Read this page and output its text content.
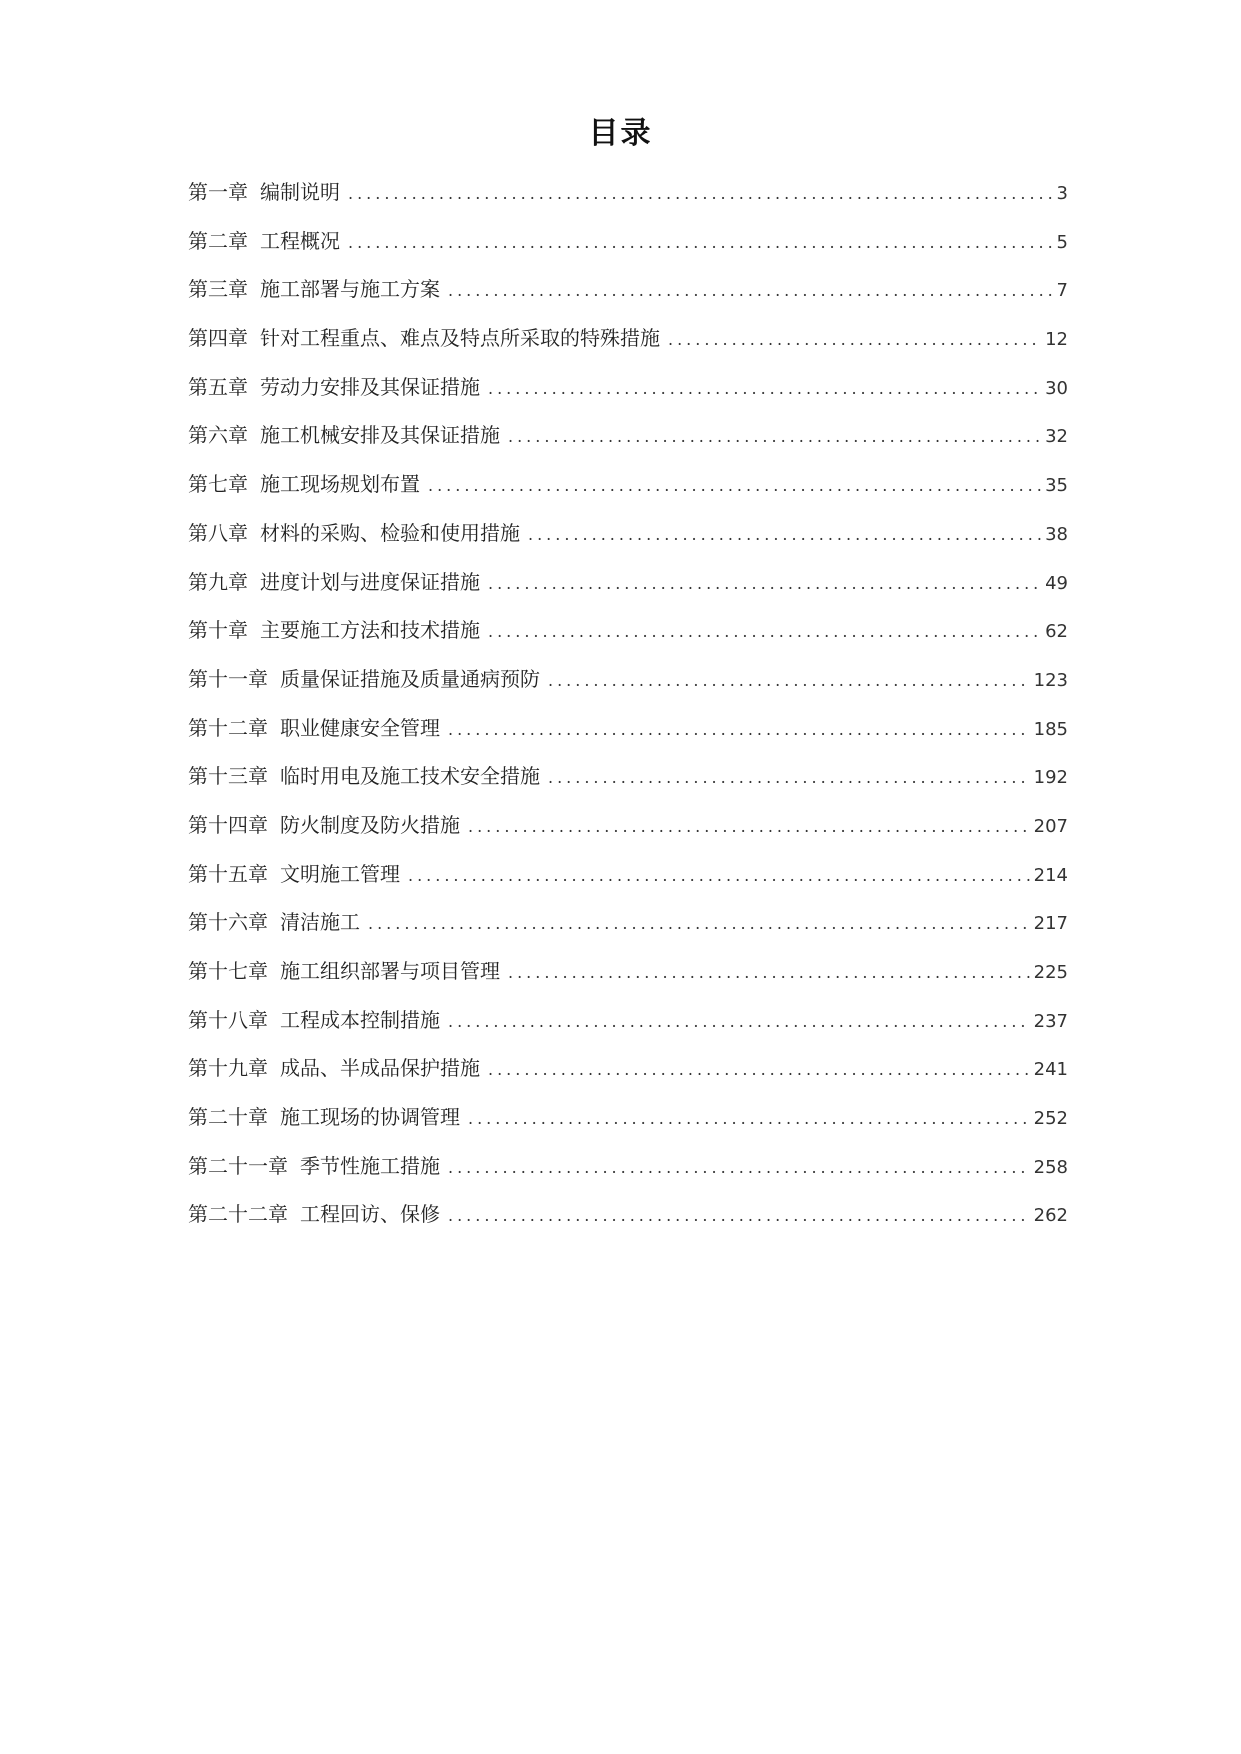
目录
第一章 编制说明 .....	3
第二章 工程概况 .....	5
第三章 施工部署与施工方案 .....	7
第四章 针对工程重点、难点及特点所采取的特殊措施 .....	12
第五章 劳动力安排及其保证措施 .....	30
第六章 施工机械安排及其保证措施 .....	32
第七章 施工现场规划布置 .....	35
第八章 材料的采购、检验和使用措施 .....	38
第九章 进度计划与进度保证措施 .....	49
第十章 主要施工方法和技术措施 .....	62
第十一章 质量保证措施及质量通病预防 .....	123
第十二章 职业健康安全管理 .....	185
第十三章 临时用电及施工技术安全措施 .....	192
第十四章 防火制度及防火措施 .....	207
第十五章 文明施工管理 .....	214
第十六章 清洁施工 .....	217
第十七章 施工组织部署与项目管理 .....	225
第十八章 工程成本控制措施 .....	237
第十九章 成品、半成品保护措施 .....	241
第二十章 施工现场的协调管理 .....	252
第二十一章 季节性施工措施 .....	258
第二十二章 工程回访、保修 .....	262
